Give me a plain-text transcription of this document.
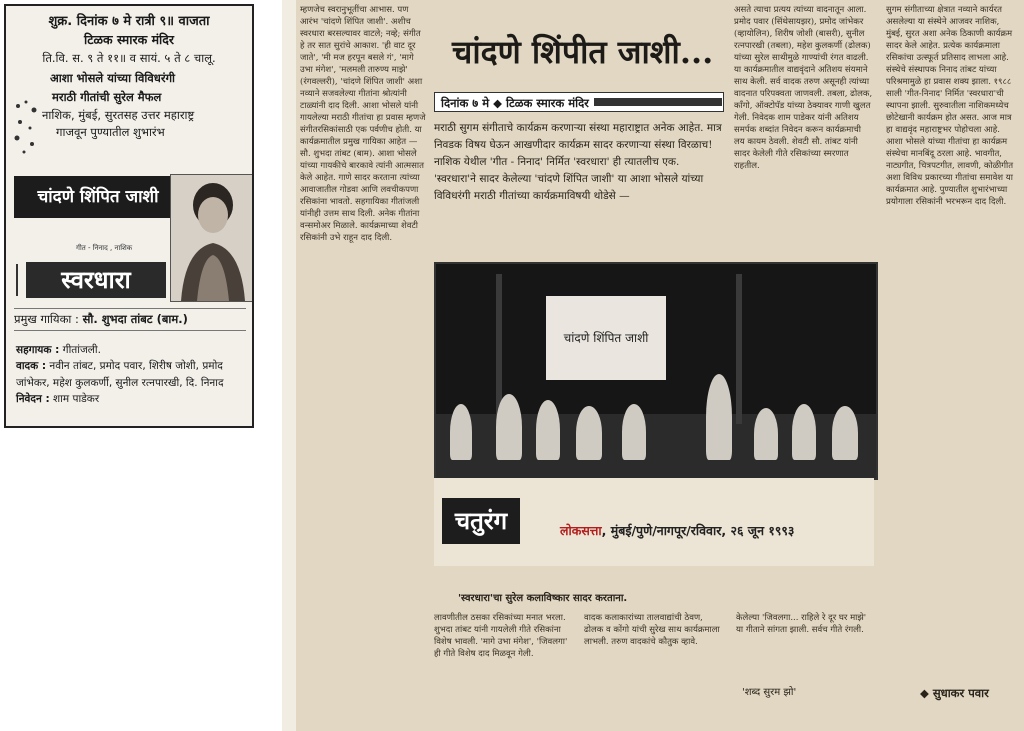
शुक्र. दिनांक ७ मे रात्री ९॥ वाजता
टिळक स्मारक मंदिर
ति.वि. स. ९ ते ११॥ व सायं. ५ ते ८ चालू.
आशा भोसले यांच्या विविधरंगी
मराठी गीतांची सुरेल मैफल
नाशिक, मुंबई, सुरतसह उत्तर महाराष्ट्र
गाजवून पुण्यातील शुभारंभ
चांदणे शिंपित जाशी
गीत - निनाद , नाशिक
स्वरधारा
प्रमुख गायिका : सौ. शुभदा तांबट (बाम.)
सहगायक : गीतांजली.
वादक : नवीन तांबट, प्रमोद पवार, शिरीष जोशी, प्रमोद जांभेकर, महेश कुलकर्णी, सुनील रत्नपारखी, दि. निनाद
निवेदन : शाम पाडेकर
म्हणजेच स्वरानुभूतींचा आभास. पण आरंभ 'चांदणे शिंपित जाशी'. अशीच स्वरधारा बरसल्यावर वाटले; नव्हे; संगीत हे तर सात सुरांचे आकाश. 'ही वाट दूर जाते', 'मी मज हरपून बसले गं', 'मागे उभा मंगेश', 'मलमली तारुण्य माझे' (रंगवल्लरी), 'चांदणे शिंपित जाशी' अशा नव्याने सजवलेल्या गीतांना श्रोत्यांनी टाळ्यांनी दाद दिली. आशा भोसले यांनी गायलेल्या मराठी गीतांचा हा प्रवास म्हणजे संगीतरसिकांसाठी एक पर्वणीच होती. या कार्यक्रमातील प्रमुख गायिका आहेत — सौ. शुभदा तांबट (बाम). आशा भोसले यांच्या गायकीचे बारकावे त्यांनी आत्मसात केले आहेत. गाणे सादर करताना त्यांच्या आवाजातील गोडवा आणि लवचीकपणा रसिकांना भावतो. सहगायिका गीतांजली यांनीही उत्तम साथ दिली. अनेक गीतांना वन्समोअर मिळाले. कार्यक्रमाच्या शेवटी रसिकांनी उभे राहून दाद दिली.
चांदणे शिंपीत जाशी...
दिनांक ७ मे ◆ टिळक स्मारक मंदिर
मराठी सुगम संगीताचे कार्यक्रम करणाऱ्या संस्था महाराष्ट्रात अनेक आहेत. मात्र निवडक विषय घेऊन आखणीदार कार्यक्रम सादर करणाऱ्या संस्था विरळाच! नाशिक येथील 'गीत - निनाद' निर्मित 'स्वरधारा' ही त्यातलीच एक. 'स्वरधारा'ने सादर केलेल्या 'चांदणे शिंपित जाशी' या आशा भोसले यांच्या विविधरंगी मराठी गीतांच्या कार्यक्रमाविषयी थोडेसे —
असते त्याचा प्रत्यय त्यांच्या वादनातून आला. प्रमोद पवार (सिंथेसायझर), प्रमोद जांभेकर (व्हायोलिन), शिरीष जोशी (बासरी), सुनील रत्नपारखी (तबला), महेश कुलकर्णी (ढोलक) यांच्या सुरेल साथीमुळे गाण्यांची रंगत वाढली. या कार्यक्रमातील वाद्यवृंदाने अतिशय संयमाने साथ केली. सर्व वादक तरुण असूनही त्यांच्या वादनात परिपक्वता जाणवली. तबला, ढोलक, काँगो, ऑक्टोपॅड यांच्या ठेक्यावर गाणी खुलत गेली. निवेदक शाम पाडेकर यांनी अतिशय समर्पक शब्दांत निवेदन करून कार्यक्रमाची लय कायम ठेवली. शेवटी सौ. तांबट यांनी सादर केलेली गीते रसिकांच्या स्मरणात राहतील.
सुगम संगीताच्या क्षेत्रात नव्याने कार्यरत असलेल्या या संस्थेने आजवर नाशिक, मुंबई, सुरत अशा अनेक ठिकाणी कार्यक्रम सादर केले आहेत. प्रत्येक कार्यक्रमाला रसिकांचा उत्स्फूर्त प्रतिसाद लाभला आहे. संस्थेचे संस्थापक निनाद तांबट यांच्या परिश्रमामुळे हा प्रवास शक्य झाला. १९८८ साली 'गीत-निनाद' निर्मित 'स्वरधारा'ची स्थापना झाली. सुरुवातीला नाशिकमध्येच छोटेखानी कार्यक्रम होत असत. आज मात्र हा वाद्यवृंद महाराष्ट्रभर पोहोचला आहे. आशा भोसले यांच्या गीतांचा हा कार्यक्रम संस्थेचा मानबिंदू ठरला आहे. भावगीत, नाट्यगीत, चित्रपटगीत, लावणी, कोळीगीत अशा विविध प्रकारच्या गीतांचा समावेश या कार्यक्रमात आहे. पुण्यातील शुभारंभाच्या प्रयोगाला रसिकांनी भरभरून दाद दिली.
चांदणे शिंपित जाशी
चतुरंग	लोकसत्ता, मुंबई/पुणे/नागपूर/रविवार, २६ जून १९९३
'स्वरधारा'चा सुरेल कलाविष्कार सादर करताना.
लावणीतील ठसका रसिकांच्या मनात भरला. शुभदा तांबट यांनी गायलेली गीते रसिकांना विशेष भावली. 'मागे उभा मंगेश', 'जिवलगा' ही गीते विशेष दाद मिळवून गेली.
वादक कलाकारांच्या तालवाद्यांची ठेवण, ढोलक व कोंगो यांची सुरेख साथ कार्यक्रमाला लाभली. तरुण वादकांचे कौतुक व्हावे.
केलेल्या 'जिवलगा... राहिले रे दूर घर माझे' या गीताने सांगता झाली. सर्वच गीते रंगली.
'शब्द सुरम झो'	◆ सुधाकर पवार
